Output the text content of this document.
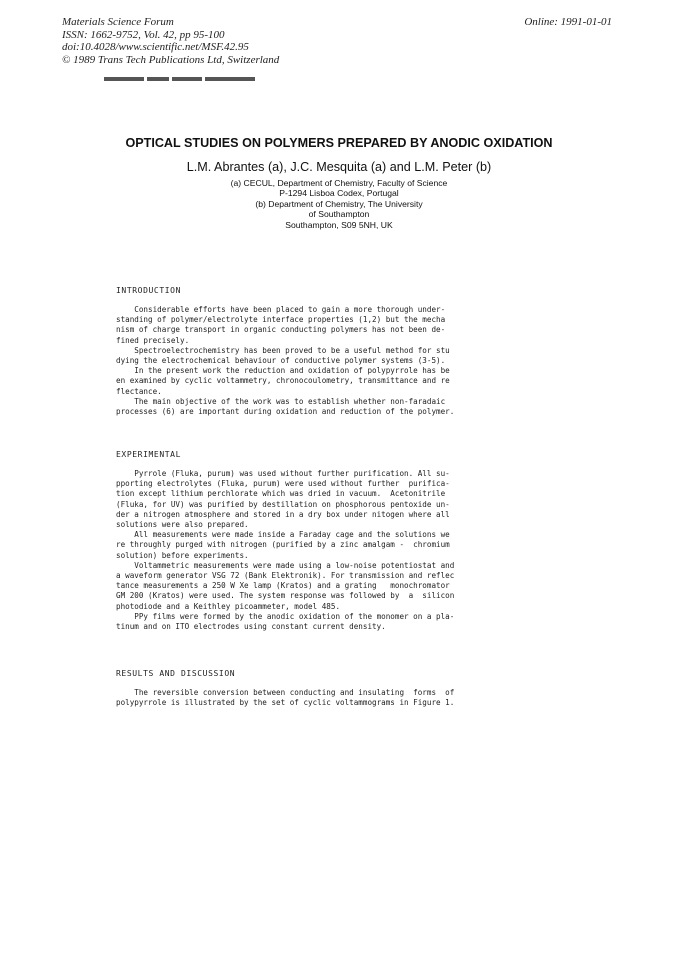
Materials Science Forum
ISSN: 1662-9752, Vol. 42, pp 95-100
doi:10.4028/www.scientific.net/MSF.42.95
© 1989 Trans Tech Publications Ltd, Switzerland
Online: 1991-01-01
OPTICAL STUDIES ON POLYMERS PREPARED BY ANODIC OXIDATION
L.M. Abrantes (a), J.C. Mesquita (a) and L.M. Peter (b)
(a) CECUL, Department of Chemistry, Faculty of Science
P-1294 Lisboa Codex, Portugal
(b) Department of Chemistry, The University
of Southampton
Southampton, S09 5NH, UK
INTRODUCTION
Considerable efforts have been placed to gain a more thorough under-
standing of polymer/electrolyte interface properties (1,2) but the mecha
nism of charge transport in organic conducting polymers has not been de-
fined precisely.
Spectroelectrochemistry has been proved to be a useful method for stu
dying the electrochemical behaviour of conductive polymer systems (3-5).
In the present work the reduction and oxidation of polypyrrole has be
en examined by cyclic voltammetry, chronocoulometry, transmittance and re
flectance.
The main objective of the work was to establish whether non-faradaic
processes (6) are important during oxidation and reduction of the polymer.
EXPERIMENTAL
Pyrrole (Fluka, purum) was used without further purification. All su-
pporting electrolytes (Fluka, purum) were used without further  purifica-
tion except lithium perchlorate which was dried in vacuum.  Acetonitrile
(Fluka, for UV) was purified by destillation on phosphorous pentoxide un-
der a nitrogen atmosphere and stored in a dry box under nitogen where all
solutions were also prepared.
All measurements were made inside a Faraday cage and the solutions we
re throughly purged with nitrogen (purified by a zinc amalgam -  chromium
solution) before experiments.
Voltammetric measurements were made using a low-noise potentiostat and
a waveform generator VSG 72 (Bank Elektronik). For transmission and reflec
tance measurements a 250 W Xe lamp (Kratos) and a grating   monochromator
GM 200 (Kratos) were used. The system response was followed by  a  silicon
photodiode and a Keithley picoammeter, model 485.
PPy films were formed by the anodic oxidation of the monomer on a pla-
tinum and on ITO electrodes using constant current density.
RESULTS AND DISCUSSION
The reversible conversion between conducting and insulating  forms  of
polypyrrole is illustrated by the set of cyclic voltammograms in Figure 1.
